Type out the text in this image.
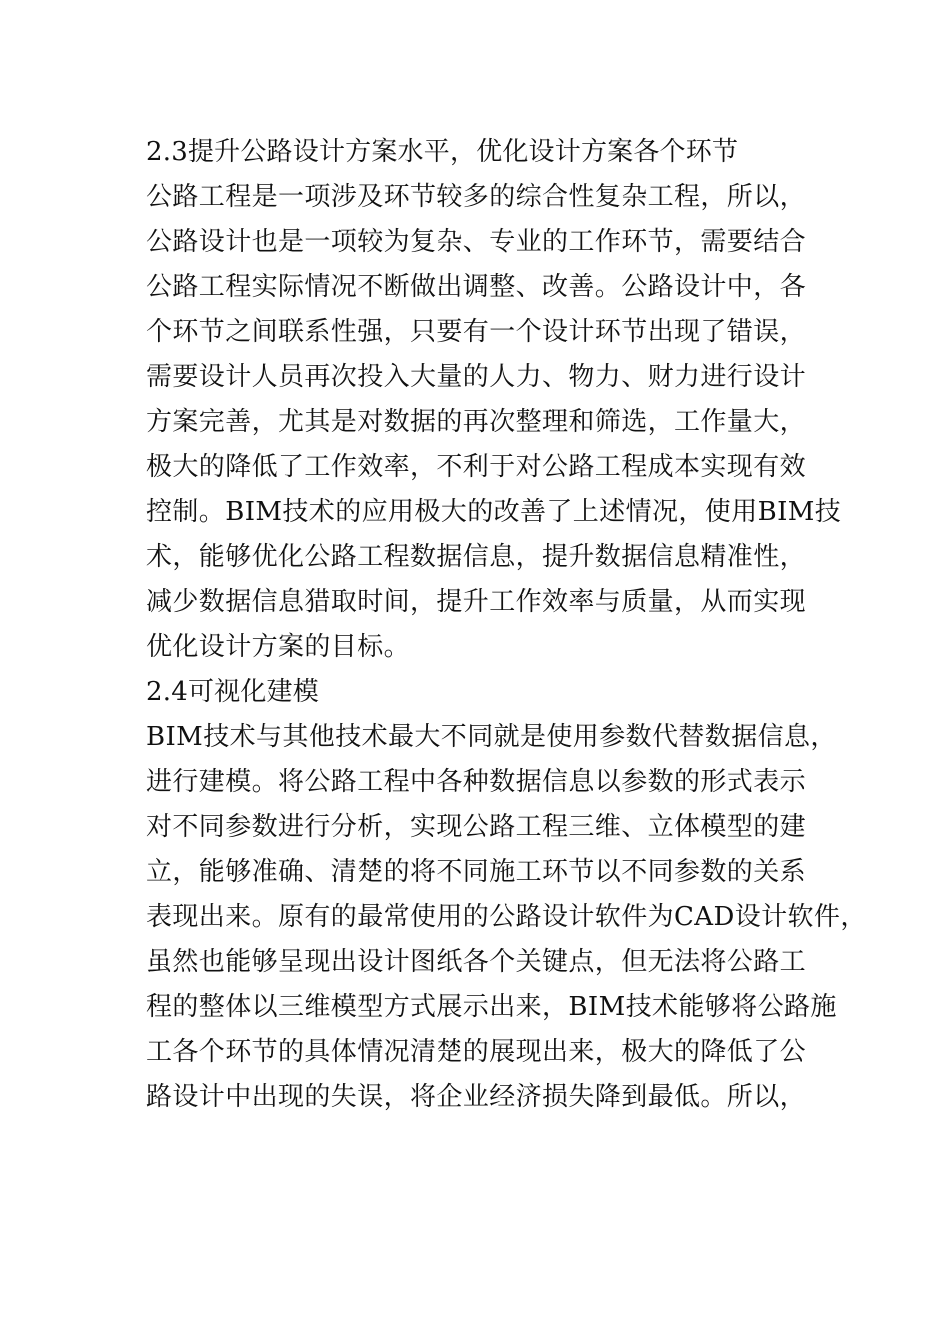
2.3提升公路设计方案水平，优化设计方案各个环节
公路工程是一项涉及环节较多的综合性复杂工程，所以，
公路设计也是一项较为复杂、专业的工作环节，需要结合
公路工程实际情况不断做出调整、改善。公路设计中，各
个环节之间联系性强，只要有一个设计环节出现了错误，
需要设计人员再次投入大量的人力、物力、财力进行设计
方案完善，尤其是对数据的再次整理和筛选，工作量大，
极大的降低了工作效率，不利于对公路工程成本实现有效
控制。BIM技术的应用极大的改善了上述情况，使用BIM技
术，能够优化公路工程数据信息，提升数据信息精准性，
减少数据信息猎取时间，提升工作效率与质量，从而实现
优化设计方案的目标。
2.4可视化建模
BIM技术与其他技术最大不同就是使用参数代替数据信息，
进行建模。将公路工程中各种数据信息以参数的形式表示
对不同参数进行分析，实现公路工程三维、立体模型的建
立，能够准确、清楚的将不同施工环节以不同参数的关系
表现出来。原有的最常使用的公路设计软件为CAD设计软件，
虽然也能够呈现出设计图纸各个关键点，但无法将公路工
程的整体以三维模型方式展示出来，BIM技术能够将公路施
工各个环节的具体情况清楚的展现出来，极大的降低了公
路设计中出现的失误，将企业经济损失降到最低。所以，
